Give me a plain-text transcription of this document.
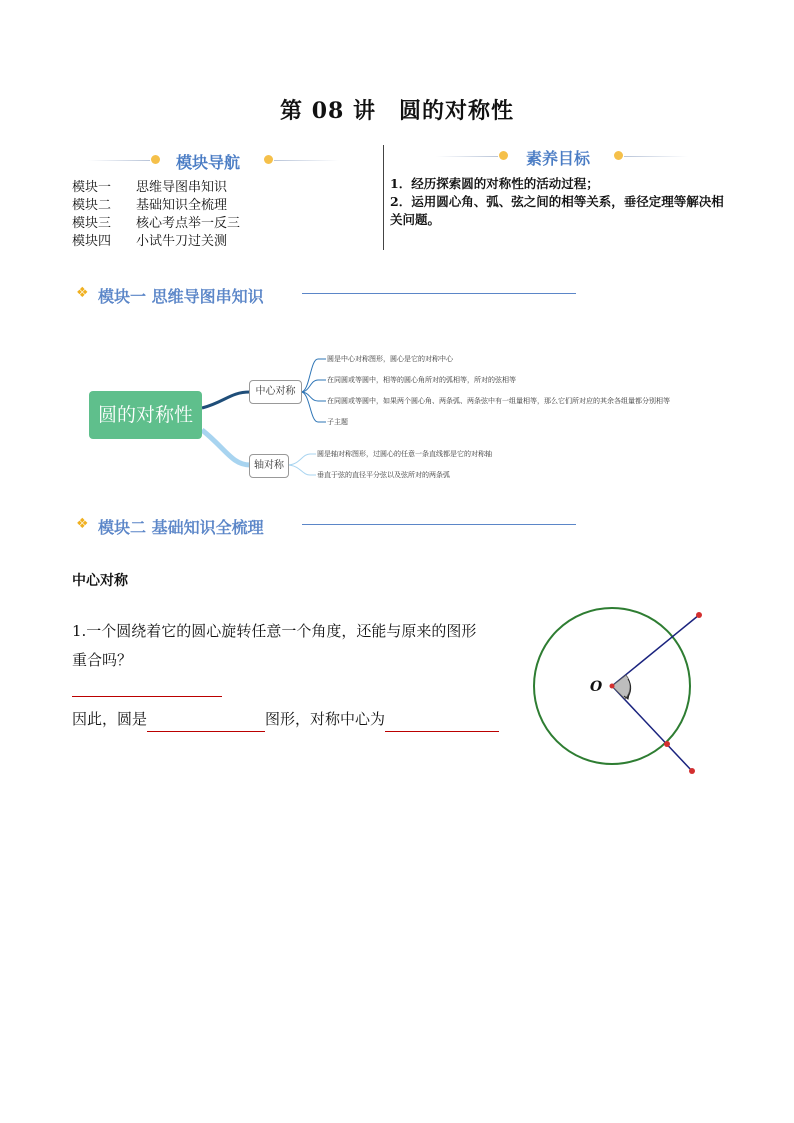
第 08 讲　圆的对称性
模块导航
模块一 思维导图串知识
模块二 基础知识全梳理
模块三 核心考点举一反三
模块四 小试牛刀过关测
素养目标
1．经历探索圆的对称性的活动过程；
2．运用圆心角、弧、弦之间的相等关系，垂径定理等解决相关问题。
❖ 模块一 思维导图串知识
圆的对称性
中心对称
轴对称
圆是中心对称图形，圆心是它的对称中心
在同圆或等圆中，相等的圆心角所对的弧相等，所对的弦相等
在同圆或等圆中，如果两个圆心角、两条弧、两条弦中有一组量相等，那么它们所对应的其余各组量都分别相等
子主题
圆是轴对称图形，过圆心的任意一条直线都是它的对称轴
垂直于弦的直径平分弦以及弦所对的两条弧
❖ 模块二 基础知识全梳理
中心对称
1.一个圆绕着它的圆心旋转任意一个角度，还能与原来的图形
重合吗？
因此，圆是	图形，对称中心为
O
